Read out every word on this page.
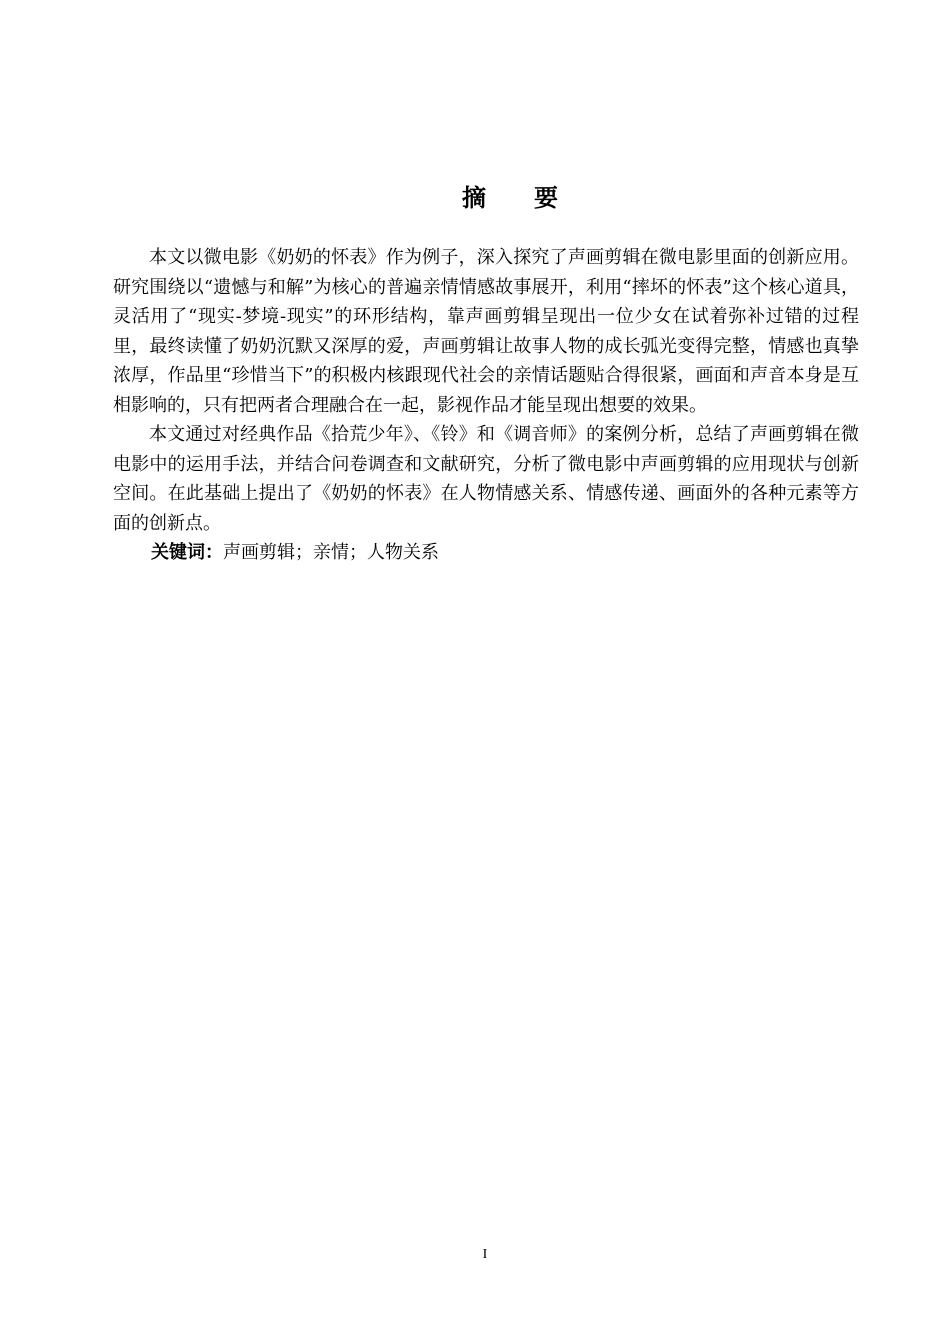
摘 要

本文以微电影《奶奶的怀表》作为例子，深入探究了声画剪辑在微电影里面的创新应用。研究围绕以“遗憾与和解”为核心的普遍亲情情感故事展开，利用“摔坏的怀表”这个核心道具，灵活用了“现实-梦境-现实”的环形结构，靠声画剪辑呈现出一位少女在试着弥补过错的过程里，最终读懂了奶奶沉默又深厚的爱，声画剪辑让故事人物的成长弧光变得完整，情感也真挚浓厚，作品里“珍惜当下”的积极内核跟现代社会的亲情话题贴合得很紧，画面和声音本身是互相影响的，只有把两者合理融合在一起，影视作品才能呈现出想要的效果。

本文通过对经典作品《拾荒少年》、《铃》和《调音师》的案例分析，总结了声画剪辑在微电影中的运用手法，并结合问卷调查和文献研究，分析了微电影中声画剪辑的应用现状与创新空间。在此基础上提出了《奶奶的怀表》在人物情感关系、情感传递、画面外的各种元素等方面的创新点。

关键词：声画剪辑；亲情；人物关系

I
